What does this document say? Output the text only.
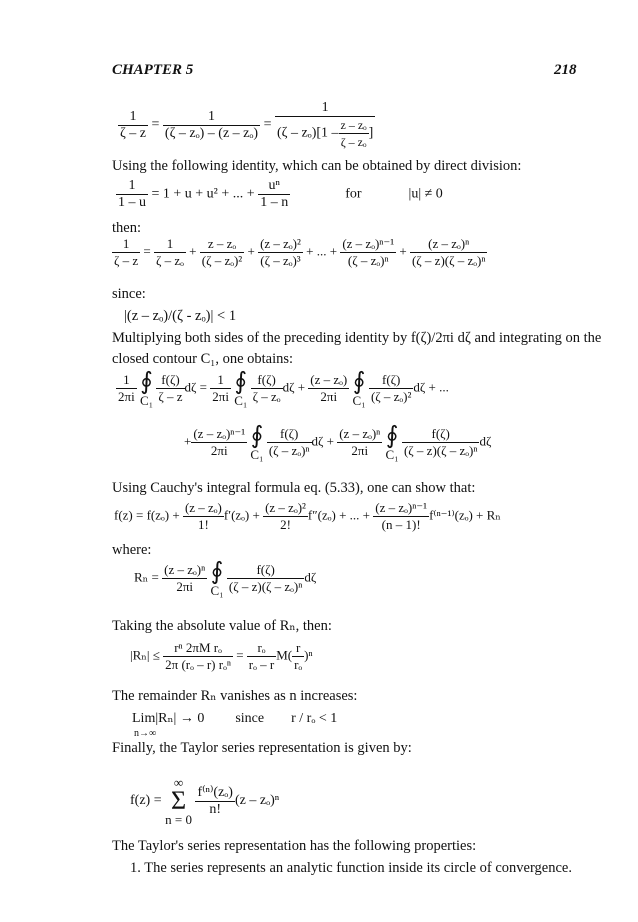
CHAPTER 5	218
$\frac{1}{\zeta - z} = \frac{1}{\text{(ζ – zₒ) – (z – zₒ)}} = \frac{1}{(\zeta - z_o)[1 - \frac{\text{z – zₒ}}{\text{ζ – zₒ}} ]}$
Using the following identity, which can be obtained by direct division:
$\frac{1}{1 - u} = 1 + u + u^2$ + ... + $\frac{\text{uⁿ}}{1 - n}$	for	|u| ≠ 0
then:
$\frac{1}{\zeta - z} = \frac{1}{\text{ζ – zₒ}} + \frac{\text{z – zₒ}}{\text{(ζ – zₒ)²}} + \frac{\text{(z – zₒ)²}}{\text{(ζ – zₒ)³}}$ + ... + $\frac{\text{(z – zₒ)ⁿ⁻¹}}{\text{(ζ – zₒ)ⁿ}} + \frac{\text{(z – zₒ)ⁿ}}{\text{(ζ – z)(ζ – zₒ)ⁿ}}$
since:
|(z – zₒ)/(ζ - zₒ)| < 1
Multiplying both sides of the preceding identity by f(ζ)/2πi dζ and integrating on the
closed contour C₁, one obtains:
$\frac{1}{2\pi i}$ ∮
C₁
$\frac{f(\zeta)}{\zeta - z}$ $d\zeta = \frac{1}{2\pi i}$ ∮
C₁
$\frac{f(\zeta)}{\text{ζ – zₒ}}$ $d\zeta + \frac{\text{(z – zₒ)}}{2\pi i}$ ∮
C₁
$\frac{f(\zeta)}{\text{(ζ – zₒ)²}}$ dζ + ...
+ $\frac{\text{(z – zₒ)ⁿ⁻¹}}{2\pi i}$ ∮
C₁
$\frac{f(\zeta)}{\text{(ζ – zₒ)ⁿ}}$ $d\zeta + \frac{\text{(z – zₒ)ⁿ}}{2\pi i}$ ∮
C₁
$\frac{f(\zeta)}{\text{(ζ – z)(ζ – zₒ)ⁿ}}$ dζ
Using Cauchy's integral formula eq. (5.33), one can show that:
$f(z) = f(z_o) + \frac{\text{(z – zₒ)}}{1!} f'(z_o) + \frac{\text{(z – zₒ)²}}{2!} f''(z_o)$ + ... + $\frac{\text{(z – zₒ)ⁿ⁻¹}}{(n - 1)!} f^{(n-1)}(z_o) + R_n$
where:
$R_n = \frac{\text{(z – zₒ)ⁿ}}{2\pi i}$ ∮
C₁
$\frac{f(\zeta)}{\text{(ζ – z)(ζ – zₒ)ⁿ}}$ dζ
Taking the absolute value of Rₙ, then:
$|R_n| \le \frac{\text{rⁿ 2πM rₒ}}{\text{2π (rₒ – r) rₒⁿ}} = \frac{\text{rₒ}}{\text{rₒ – r}} M( \frac{r}{\text{rₒ}} )^n$
The remainder Rₙ vanishes as n increases:
Lim|Rₙ| → 0 since r / rₒ < 1
n→∞
Finally, the Taylor series representation is given by:
f(z) =
∞
Σ
n = 0

$\frac{\text{f⁽ⁿ⁾(zₒ)}}{n!} (z - z_o)^n$
The Taylor's series representation has the following properties:
1. The series represents an analytic function inside its circle of convergence.
